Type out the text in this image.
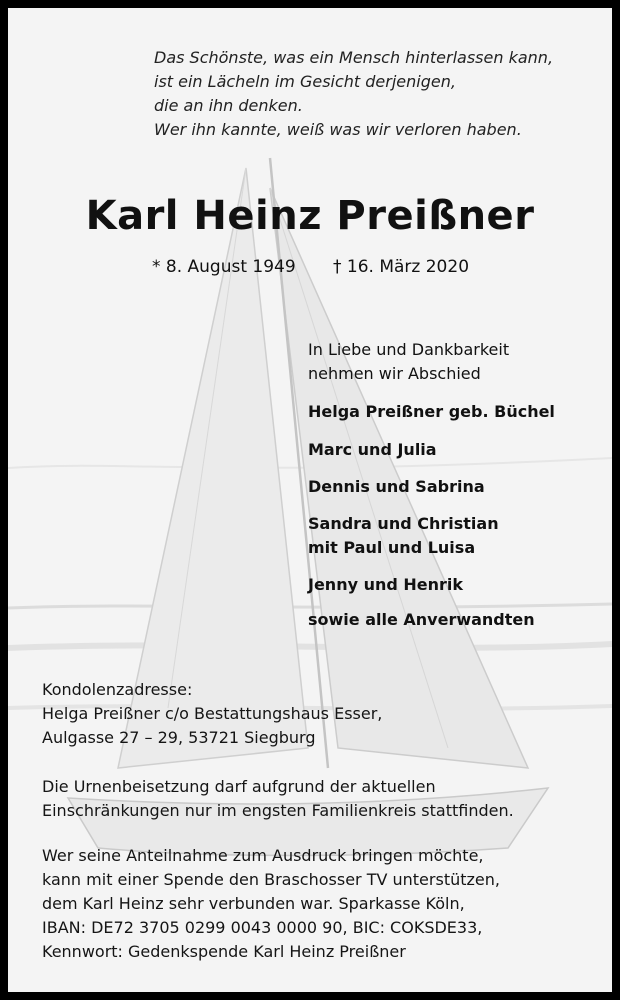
Das Schönste, was ein Mensch hinterlassen kann,
ist ein Lächeln im Gesicht derjenigen,
die an ihn denken.
Wer ihn kannte, weiß was wir verloren haben.
Karl Heinz Preißner
* 8. August 1949 † 16. März 2020
In Liebe und Dankbarkeit
nehmen wir Abschied
Helga Preißner geb. Büchel
Marc und Julia
Dennis und Sabrina
Sandra und Christian
mit Paul und Luisa
Jenny und Henrik
sowie alle Anverwandten
Kondolenzadresse:
Helga Preißner c/o Bestattungshaus Esser,
Aulgasse 27 – 29, 53721 Siegburg
Die Urnenbeisetzung darf aufgrund der aktuellen
Einschränkungen nur im engsten Familienkreis stattfinden.
Wer seine Anteilnahme zum Ausdruck bringen möchte,
kann mit einer Spende den Braschosser TV unterstützen,
dem Karl Heinz sehr verbunden war. Sparkasse Köln,
IBAN: DE72 3705 0299 0043 0000 90, BIC: COKSDE33,
Kennwort: Gedenkspende Karl Heinz Preißner
